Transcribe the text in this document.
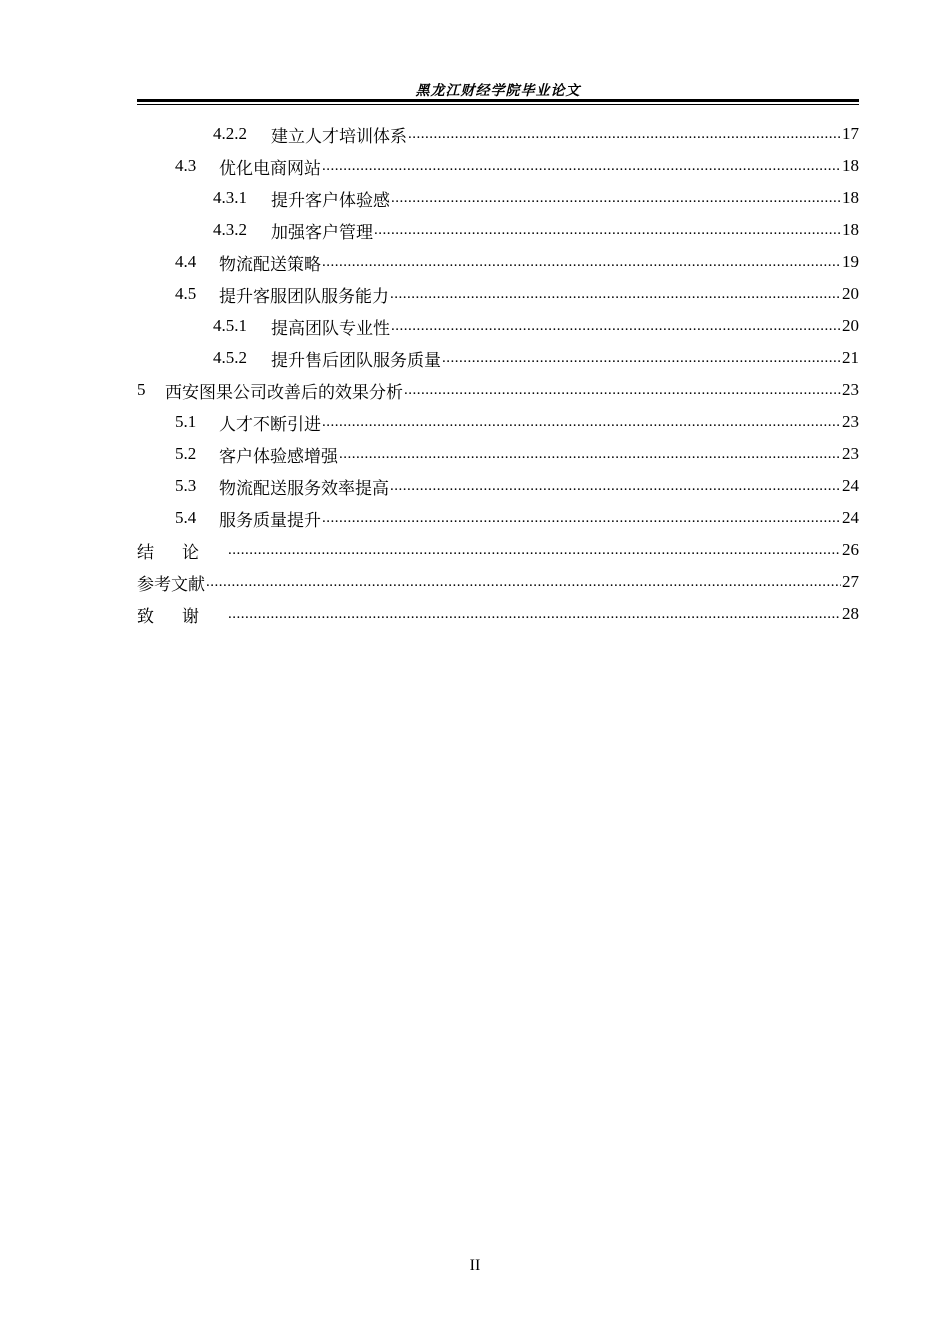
黑龙江财经学院毕业论文
4.2.2	建立人才培训体系 .....	17
4.3	优化电商网站 .....	18
4.3.1	提升客户体验感 .....	18
4.3.2	加强客户管理 .....	18
4.4	物流配送策略 .....	19
4.5	提升客服团队服务能力 .....	20
4.5.1	提高团队专业性 .....	20
4.5.2	提升售后团队服务质量 .....	21
5	西安图果公司改善后的效果分析 .....	23
5.1	人才不断引进 .....	23
5.2	客户体验感增强 .....	23
5.3	物流配送服务效率提高 .....	24
5.4	服务质量提升 .....	24
结论 .....	26
参考文献 .....	27
致谢 .....	28
II
